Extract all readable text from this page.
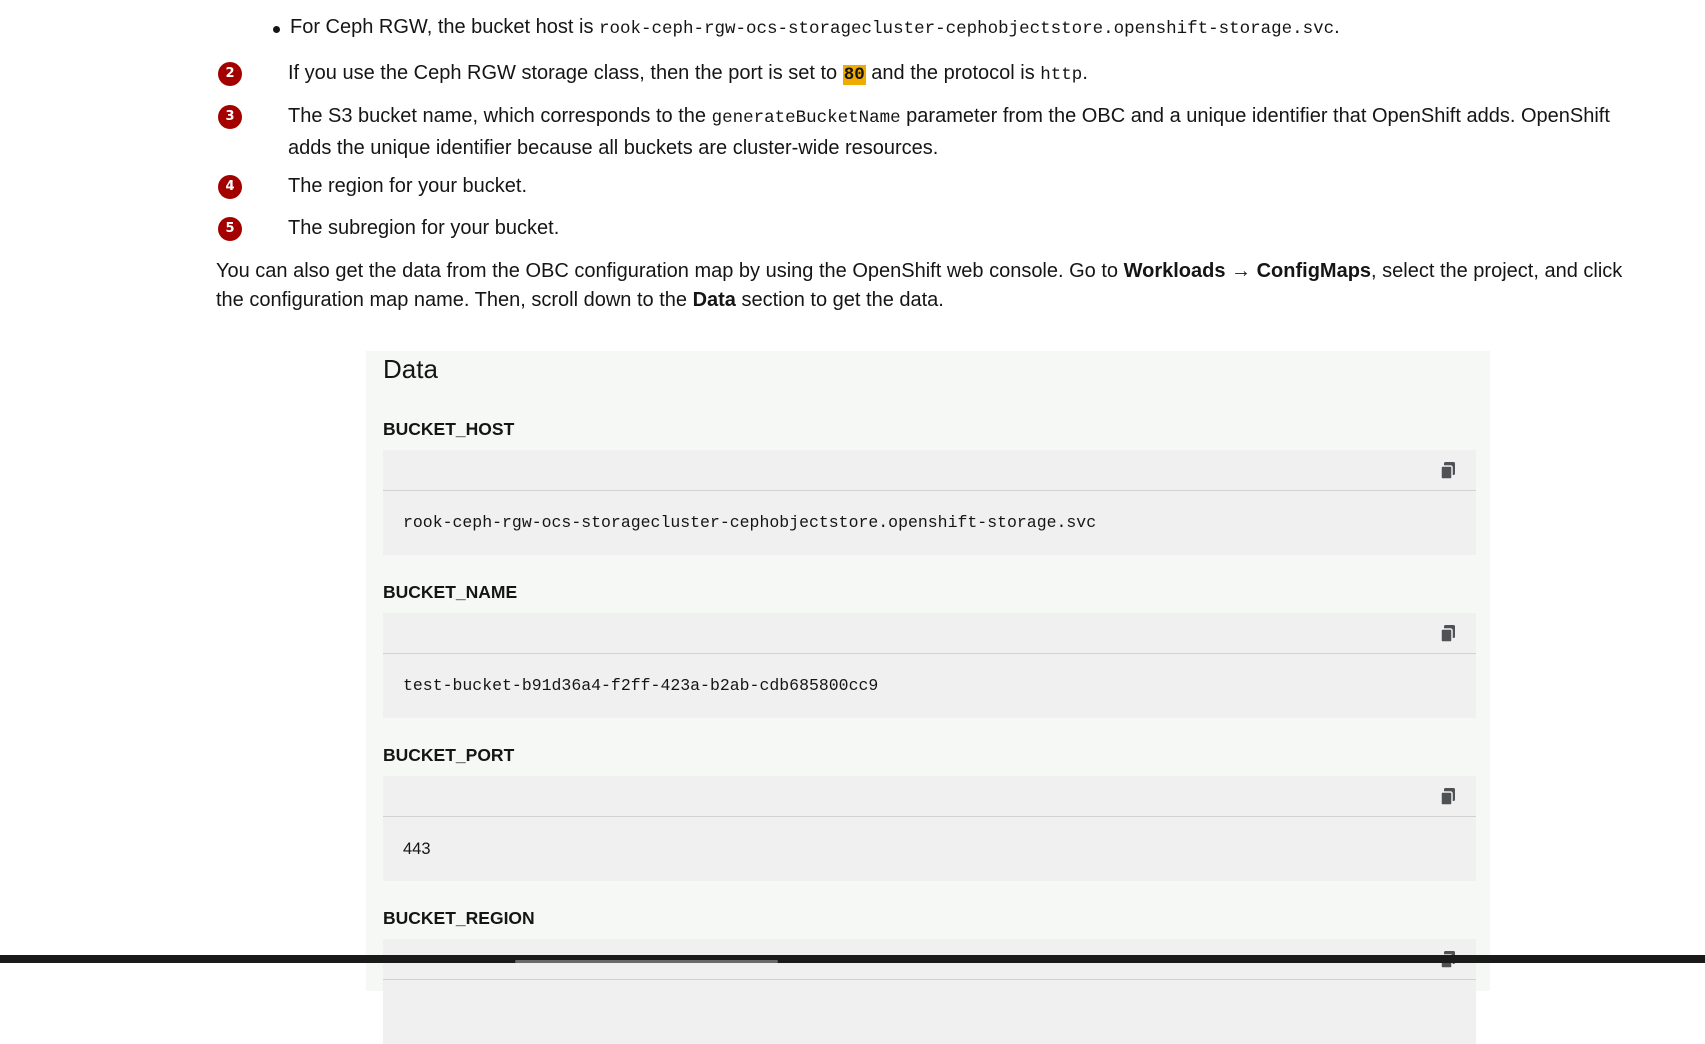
For Ceph RGW, the bucket host is rook-ceph-rgw-ocs-storagecluster-cephobjectstore.openshift-storage.svc.
2	If you use the Ceph RGW storage class, then the port is set to 80 and the protocol is http.
3	The S3 bucket name, which corresponds to the generateBucketName parameter from the OBC and a unique identifier that OpenShift adds. OpenShift adds the unique identifier because all buckets are cluster-wide resources.
4	The region for your bucket.
5	The subregion for your bucket.
You can also get the data from the OBC configuration map by using the OpenShift web console. Go to Workloads → ConfigMaps, select the project, and click the configuration map name. Then, scroll down to the Data section to get the data.
Data
BUCKET_HOST
rook-ceph-rgw-ocs-storagecluster-cephobjectstore.openshift-storage.svc
BUCKET_NAME
test-bucket-b91d36a4-f2ff-423a-b2ab-cdb685800cc9
BUCKET_PORT
443
BUCKET_REGION
